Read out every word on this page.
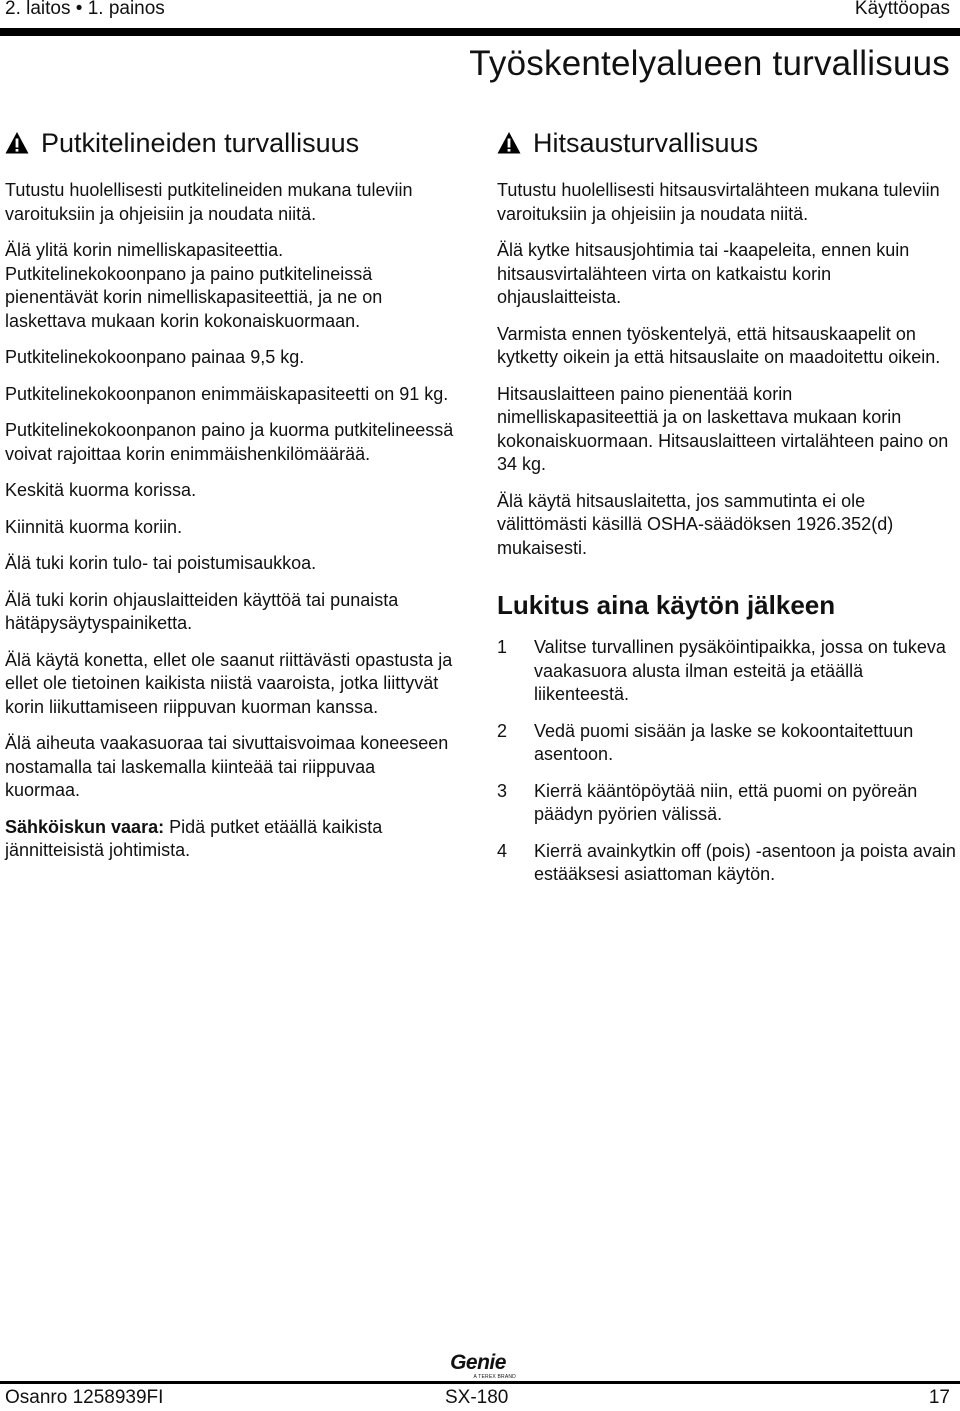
2. laitos • 1. painos	Käyttöopas
Työskentelyalueen turvallisuus
Putkitelineiden turvallisuus

Tutustu huolellisesti putkitelineiden mukana tuleviin varoituksiin ja ohjeisiin ja noudata niitä.

Älä ylitä korin nimelliskapasiteettia. Putkitelinekokoonpano ja paino putkitelineissä pienentävät korin nimelliskapasiteettiä, ja ne on laskettava mukaan korin kokonaiskuormaan.

Putkitelinekokoonpano painaa 9,5 kg.

Putkitelinekokoonpanon enimmäiskapasiteetti on 91 kg.

Putkitelinekokoonpanon paino ja kuorma putkitelineessä voivat rajoittaa korin enimmäishenkilömäärää.

Keskitä kuorma korissa.

Kiinnitä kuorma koriin.

Älä tuki korin tulo- tai poistumisaukkoa.

Älä tuki korin ohjauslaitteiden käyttöä tai punaista hätäpysäytyspainiketta.

Älä käytä konetta, ellet ole saanut riittävästi opastusta ja ellet ole tietoinen kaikista niistä vaaroista, jotka liittyvät korin liikuttamiseen riippuvan kuorman kanssa.

Älä aiheuta vaakasuoraa tai sivuttaisvoimaa koneeseen nostamalla tai laskemalla kiinteää tai riippuvaa kuormaa.

Sähköiskun vaara: Pidä putket etäällä kaikista jännitteisistä johtimista.

Hitsausturvallisuus

Tutustu huolellisesti hitsausvirtalähteen mukana tuleviin varoituksiin ja ohjeisiin ja noudata niitä.

Älä kytke hitsausjohtimia tai -kaapeleita, ennen kuin hitsausvirtalähteen virta on katkaistu korin ohjauslaitteista.

Varmista ennen työskentelyä, että hitsauskaapelit on kytketty oikein ja että hitsauslaite on maadoitettu oikein.

Hitsauslaitteen paino pienentää korin nimelliskapasiteettiä ja on laskettava mukaan korin kokonaiskuormaan. Hitsauslaitteen virtalähteen paino on 34 kg.

Älä käytä hitsauslaitetta, jos sammutinta ei ole välittömästi käsillä OSHA-säädöksen 1926.352(d) mukaisesti.

Lukitus aina käytön jälkeen
1	Valitse turvallinen pysäköintipaikka, jossa on tukeva vaakasuora alusta ilman esteitä ja etäällä liikenteestä.
2	Vedä puomi sisään ja laske se kokoontaitettuun asentoon.
3	Kierrä kääntöpöytää niin, että puomi on pyöreän päädyn pyörien välissä.
4	Kierrä avainkytkin off (pois) -asentoon ja poista avain estääksesi asiattoman käytön.
Genie
A TEREX BRAND
Osanro 1258939FI	SX-180	17
